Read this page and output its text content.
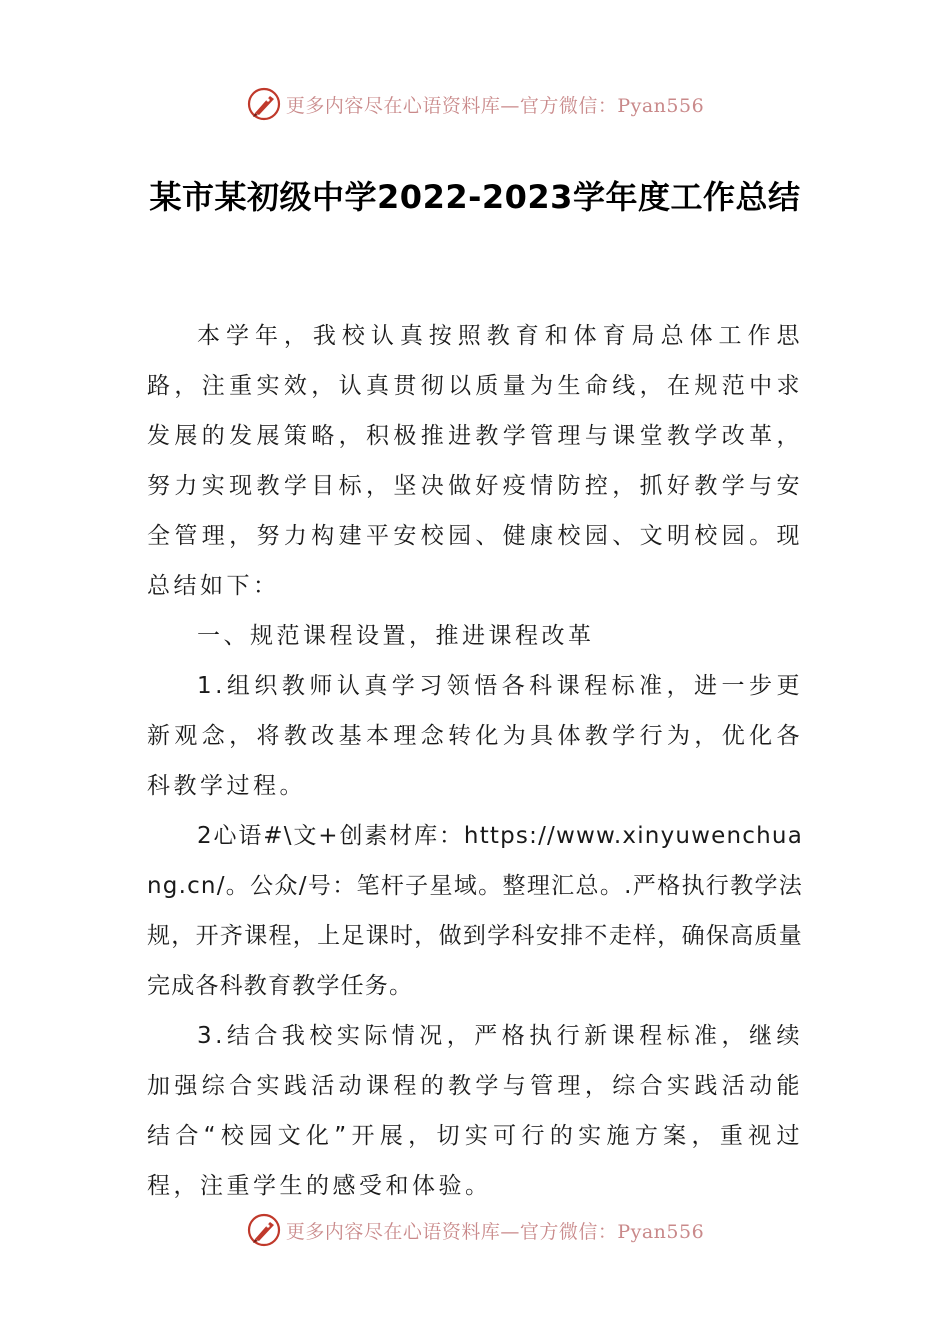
更多内容尽在心语资料库—官方微信：Pyan556
某市某初级中学2022-2023学年度工作总结

本学年，我校认真按照教育和体育局总体工作思路，注重实效，认真贯彻以质量为生命线，在规范中求发展的发展策略，积极推进教学管理与课堂教学改革，努力实现教学目标，坚决做好疫情防控，抓好教学与安全管理，努力构建平安校园、健康校园、文明校园。现总结如下：

一、规范课程设置，推进课程改革

1.组织教师认真学习领悟各科课程标准，进一步更新观念，将教改基本理念转化为具体教学行为，优化各科教学过程。

2心语#\文+创素材库：https://www.xinyuwenchuang.cn/。公众/号：笔杆子星域。整理汇总。.严格执行教学法规，开齐课程，上足课时，做到学科安排不走样，确保高质量完成各科教育教学任务。

3.结合我校实际情况，严格执行新课程标准，继续加强综合实践活动课程的教学与管理，综合实践活动能结合“校园文化”开展，切实可行的实施方案，重视过程，注重学生的感受和体验。

更多内容尽在心语资料库—官方微信：Pyan556
